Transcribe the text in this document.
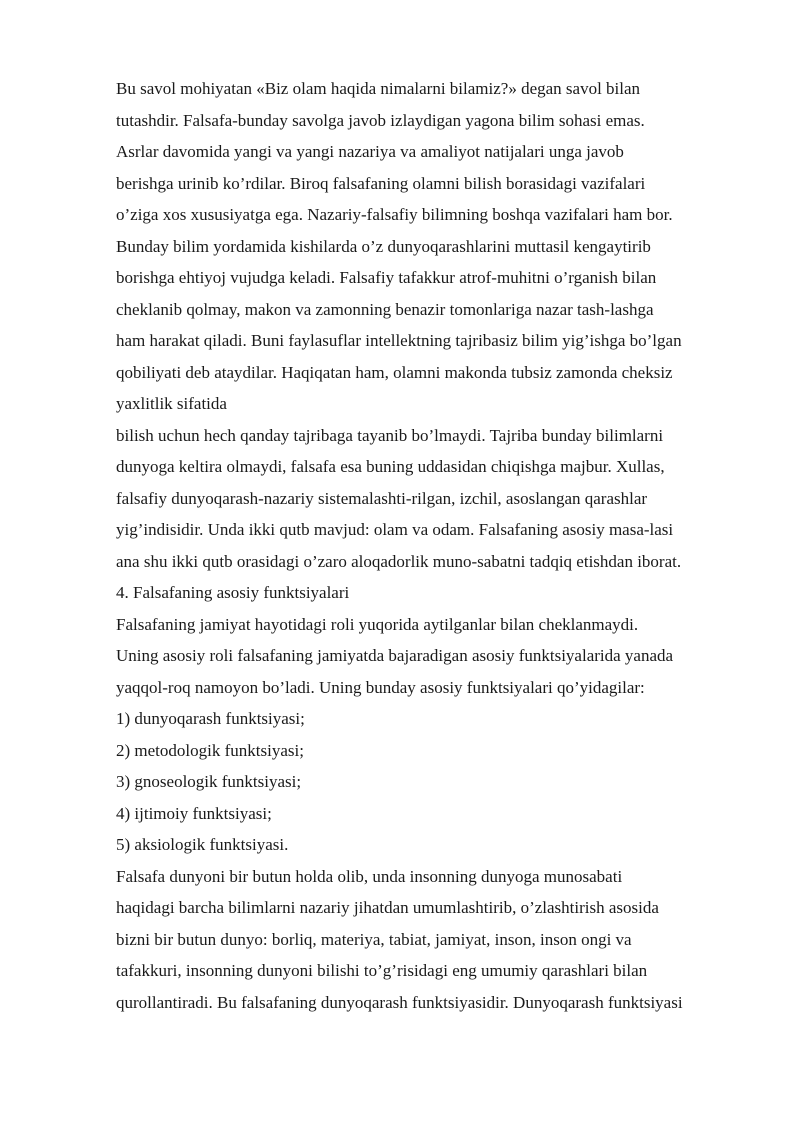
Bu savol mohiyatan «Biz olam haqida nimalarni bilamiz?» degan savol bilan
tutashdir. Falsafa-bunday savolga javob izlaydigan yagona bilim sohasi emas.
Asrlar davomida yangi va yangi nazariya va amaliyot natijalari unga javob
berishga urinib ko’rdilar. Biroq falsafaning olamni bilish borasidagi vazifalari
o’ziga xos xususiyatga ega. Nazariy-falsafiy bilimning boshqa vazifalari ham bor.
Bunday bilim yordamida kishilarda o’z dunyoqarashlarini muttasil kengaytirib
borishga ehtiyoj vujudga keladi. Falsafiy tafakkur atrof-muhitni o’rganish bilan
cheklanib qolmay, makon va zamonning benazir tomonlariga nazar tash-lashga
ham harakat qiladi. Buni faylasuflar intellektning tajribasiz bilim yig’ishga bo’lgan
qobiliyati deb ataydilar. Haqiqatan ham, olamni makonda tubsiz zamonda cheksiz
yaxlitlik sifatida
bilish uchun hech qanday tajribaga tayanib bo’lmaydi. Tajriba bunday bilimlarni
dunyoga keltira olmaydi, falsafa esa buning uddasidan chiqishga majbur. Xullas,
falsafiy dunyoqarash-nazariy sistemalashti-rilgan, izchil, asoslangan qarashlar
yig’indisidir. Unda ikki qutb mavjud: olam va odam. Falsafaning asosiy masa-lasi
ana shu ikki qutb orasidagi o’zaro aloqadorlik muno-sabatni tadqiq etishdan iborat.
4. Falsafaning asosiy funktsiyalari
Falsafaning jamiyat hayotidagi roli yuqorida aytilganlar bilan cheklanmaydi.
Uning asosiy roli falsafaning jamiyatda bajaradigan asosiy funktsiyalarida yanada
yaqqol-roq namoyon bo’ladi. Uning bunday asosiy funktsiyalari qo’yidagilar:
1) dunyoqarash funktsiyasi;
2) metodologik funktsiyasi;
3) gnoseologik funktsiyasi;
4) ijtimoiy funktsiyasi;
5) aksiologik funktsiyasi.
Falsafa dunyoni bir butun holda olib, unda insonning dunyoga munosabati
haqidagi barcha bilimlarni nazariy jihatdan umumlashtirib, o’zlashtirish asosida
bizni bir butun dunyo: borliq, materiya, tabiat, jamiyat, inson, inson ongi va
tafakkuri, insonning dunyoni bilishi to’g’risidagi eng umumiy qarashlari bilan
qurollantiradi. Bu falsafaning dunyoqarash funktsiyasidir. Dunyoqarash funktsiyasi
